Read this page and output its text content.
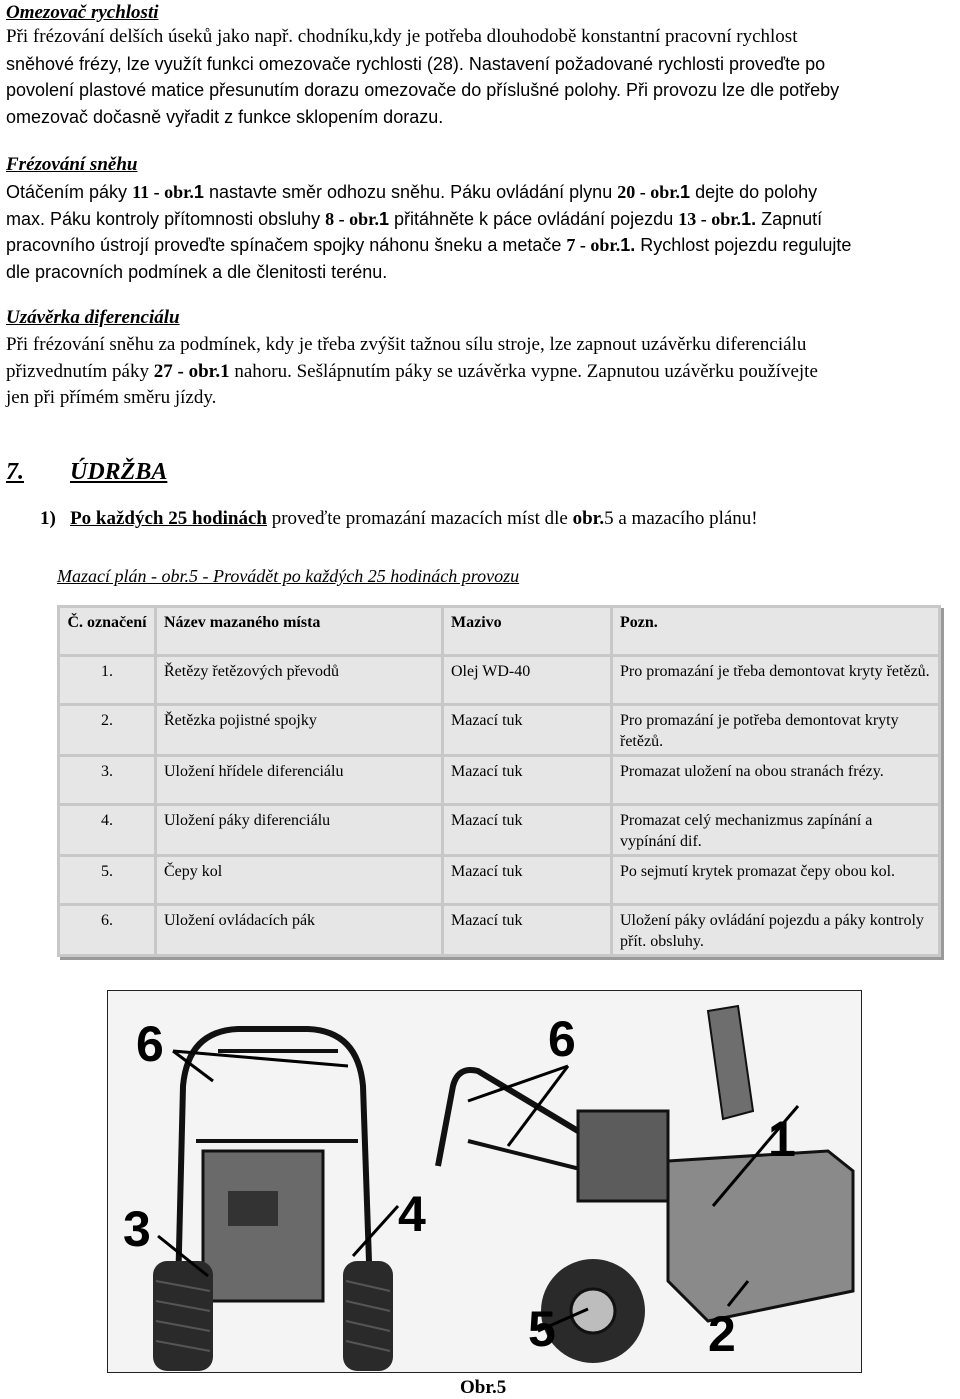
Omezovač rychlosti
Při frézování delších úseků jako např. chodníku,kdy je potřeba dlouhodobě konstantní pracovní rychlost
sněhové frézy, lze využít funkci omezovače rychlosti (28). Nastavení požadované rychlosti proveďte po
povolení plastové matice přesunutím dorazu omezovače do příslušné polohy. Při provozu lze dle potřeby
omezovač dočasně vyřadit z funkce sklopením dorazu.
Frézování sněhu
Otáčením páky 11 - obr.1 nastavte směr odhozu sněhu. Páku ovládání plynu 20 - obr.1 dejte do polohy
max. Páku kontroly přítomnosti obsluhy 8 - obr.1 přitáhněte k páce ovládání pojezdu 13 - obr.1. Zapnutí
pracovního ústrojí proveďte spínačem spojky náhonu šneku a metače 7 - obr.1. Rychlost pojezdu regulujte
dle pracovních podmínek a dle členitosti terénu.
Uzávěrka diferenciálu
Při frézování sněhu za podmínek, kdy je třeba zvýšit tažnou sílu stroje, lze zapnout uzávěrku diferenciálu
přizvednutím páky 27 - obr.1 nahoru. Sešlápnutím páky se uzávěrka vypne. Zapnutou uzávěrku používejte
jen při přímém směru jízdy.
7. ÚDRŽBA
1) Po každých 25 hodinách proveďte promazání mazacích míst dle obr.5 a mazacího plánu!
Mazací plán - obr.5 - Provádět po každých 25 hodinách provozu
Č. označení	Název mazaného místa	Mazivo	Pozn.
1.	Řetězy řetězových převodů	Olej WD-40	Pro promazání je třeba demontovat kryty řetězů.
2.	Řetězka pojistné spojky	Mazací tuk	Pro promazání je potřeba demontovat kryty řetězů.
3.	Uložení hřídele diferenciálu	Mazací tuk	Promazat uložení na obou stranách frézy.
4.	Uložení páky diferenciálu	Mazací tuk	Promazat celý mechanizmus zapínání a vypínání dif.
5.	Čepy kol	Mazací tuk	Po sejmutí krytek promazat čepy obou kol.
6.	Uložení ovládacích pák	Mazací tuk	Uložení páky ovládání pojezdu a páky kontroly přít. obsluhy.
6	6
1
3	4
5	2
Obr.5
